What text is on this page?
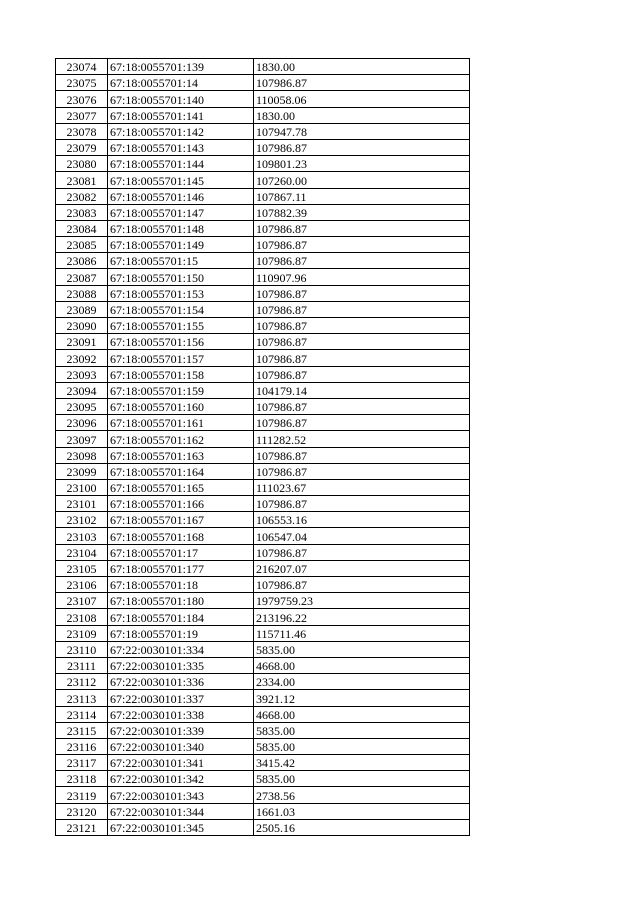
23074	67:18:0055701:139	1830.00
23075	67:18:0055701:14	107986.87
23076	67:18:0055701:140	110058.06
23077	67:18:0055701:141	1830.00
23078	67:18:0055701:142	107947.78
23079	67:18:0055701:143	107986.87
23080	67:18:0055701:144	109801.23
23081	67:18:0055701:145	107260.00
23082	67:18:0055701:146	107867.11
23083	67:18:0055701:147	107882.39
23084	67:18:0055701:148	107986.87
23085	67:18:0055701:149	107986.87
23086	67:18:0055701:15	107986.87
23087	67:18:0055701:150	110907.96
23088	67:18:0055701:153	107986.87
23089	67:18:0055701:154	107986.87
23090	67:18:0055701:155	107986.87
23091	67:18:0055701:156	107986.87
23092	67:18:0055701:157	107986.87
23093	67:18:0055701:158	107986.87
23094	67:18:0055701:159	104179.14
23095	67:18:0055701:160	107986.87
23096	67:18:0055701:161	107986.87
23097	67:18:0055701:162	111282.52
23098	67:18:0055701:163	107986.87
23099	67:18:0055701:164	107986.87
23100	67:18:0055701:165	111023.67
23101	67:18:0055701:166	107986.87
23102	67:18:0055701:167	106553.16
23103	67:18:0055701:168	106547.04
23104	67:18:0055701:17	107986.87
23105	67:18:0055701:177	216207.07
23106	67:18:0055701:18	107986.87
23107	67:18:0055701:180	1979759.23
23108	67:18:0055701:184	213196.22
23109	67:18:0055701:19	115711.46
23110	67:22:0030101:334	5835.00
23111	67:22:0030101:335	4668.00
23112	67:22:0030101:336	2334.00
23113	67:22:0030101:337	3921.12
23114	67:22:0030101:338	4668.00
23115	67:22:0030101:339	5835.00
23116	67:22:0030101:340	5835.00
23117	67:22:0030101:341	3415.42
23118	67:22:0030101:342	5835.00
23119	67:22:0030101:343	2738.56
23120	67:22:0030101:344	1661.03
23121	67:22:0030101:345	2505.16
